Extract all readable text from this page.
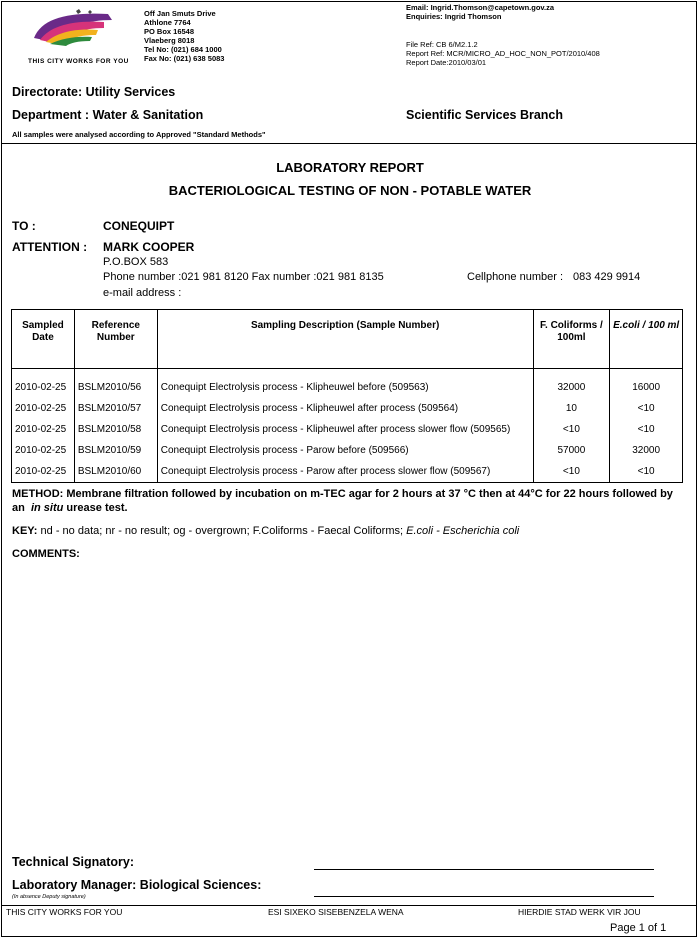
THIS CITY WORKS FOR YOU
Off Jan Smuts Drive
Athlone 7764
PO Box 16548
Vlaeberg 8018
Tel No: (021) 684 1000
Fax No: (021) 638 5083
Email: Ingrid.Thomson@capetown.gov.za
Enquiries: Ingrid Thomson
File Ref: CB 6/M2.1.2
Report Ref: MCR/MICRO_AD_HOC_NON_POT/2010/408
Report Date:2010/03/01
Directorate: Utility Services
Department : Water & Sanitation	Scientific Services Branch
All samples were analysed according to Approved "Standard Methods"
LABORATORY REPORT
BACTERIOLOGICAL TESTING OF NON - POTABLE WATER
TO :	CONEQUIPT
ATTENTION : MARK COOPER
P.O.BOX 583
Phone number :021 981 8120 Fax number :021 981 8135	Cellphone number : 083 429 9914
e-mail address :
Sampled Date	Reference Number	Sampling Description (Sample Number)	F. Coliforms / 100ml	E.coli / 100 ml
2010-02-25	BSLM2010/56	Conequipt Electrolysis process - Klipheuwel before (509563)	32000	16000
2010-02-25	BSLM2010/57	Conequipt Electrolysis process - Klipheuwel after process (509564)	10	<10
2010-02-25	BSLM2010/58	Conequipt Electrolysis process - Klipheuwel after process slower flow (509565)	<10	<10
2010-02-25	BSLM2010/59	Conequipt Electrolysis process - Parow before (509566)	57000	32000
2010-02-25	BSLM2010/60	Conequipt Electrolysis process - Parow after process slower flow (509567)	<10	<10
METHOD: Membrane filtration followed by incubation on m-TEC agar for 2 hours at 37 °C then at 44°C for 22 hours followed by
an in situ urease test.
KEY: nd - no data; nr - no result; og - overgrown; F.Coliforms - Faecal Coliforms; E.coli - Escherichia coli
COMMENTS:
Technical Signatory:
Laboratory Manager: Biological Sciences:
(In absence Deputy signature)
THIS CITY WORKS FOR YOU	ESI SIXEKO SISEBENZELA WENA	HIERDIE STAD WERK VIR JOU
Page 1 of 1
